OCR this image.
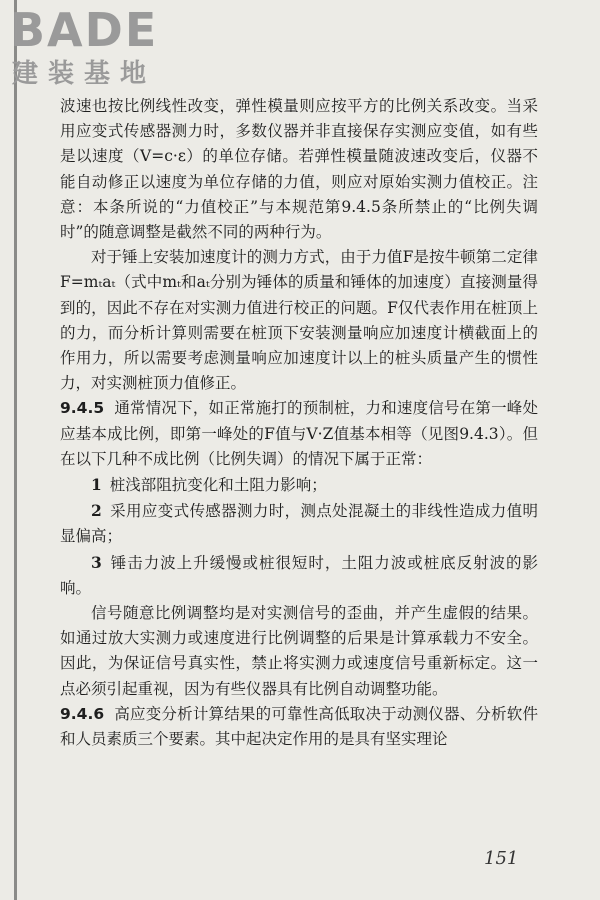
BADE
建装基地

波速也按比例线性改变，弹性模量则应按平方的比例关系改变。当采用应变式传感器测力时，多数仪器并非直接保存实测应变值，如有些是以速度（V=c·ε）的单位存储。若弹性模量随波速改变后，仪器不能自动修正以速度为单位存储的力值，则应对原始实测力值校正。注意：本条所说的“力值校正”与本规范第9.4.5条所禁止的“比例失调时”的随意调整是截然不同的两种行为。

对于锤上安装加速度计的测力方式，由于力值F是按牛顿第二定律F=mₜaₜ（式中mₜ和aₜ分别为锤体的质量和锤体的加速度）直接测量得到的，因此不存在对实测力值进行校正的问题。F仅代表作用在桩顶上的力，而分析计算则需要在桩顶下安装测量响应加速度计横截面上的作用力，所以需要考虑测量响应加速度计以上的桩头质量产生的惯性力，对实测桩顶力值修正。

9.4.5 通常情况下，如正常施打的预制桩，力和速度信号在第一峰处应基本成比例，即第一峰处的F值与V·Z值基本相等（见图9.4.3）。但在以下几种不成比例（比例失调）的情况下属于正常：

1 桩浅部阻抗变化和土阻力影响；

2 采用应变式传感器测力时，测点处混凝土的非线性造成力值明显偏高；

3 锤击力波上升缓慢或桩很短时，土阻力波或桩底反射波的影响。

信号随意比例调整均是对实测信号的歪曲，并产生虚假的结果。如通过放大实测力或速度进行比例调整的后果是计算承载力不安全。因此，为保证信号真实性，禁止将实测力或速度信号重新标定。这一点必须引起重视，因为有些仪器具有比例自动调整功能。

9.4.6 高应变分析计算结果的可靠性高低取决于动测仪器、分析软件和人员素质三个要素。其中起决定作用的是具有坚实理论

151
